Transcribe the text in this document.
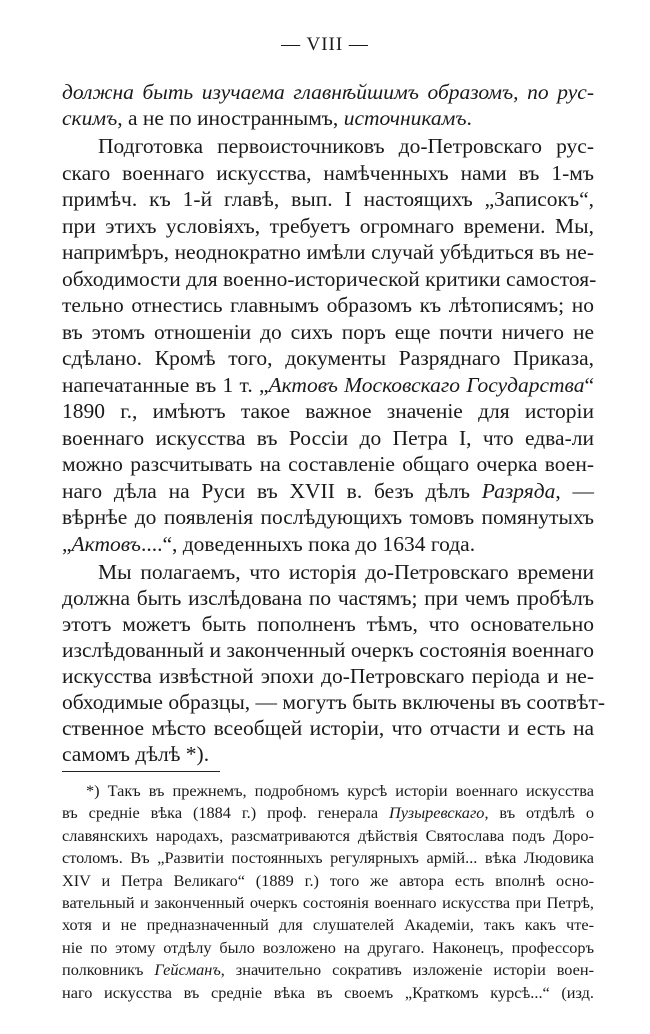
— VIII —
должна быть изучаема главнѣйшимъ образомъ, по рус-
скимъ, а не по иностраннымъ, источникамъ.
Подготовка первоисточниковъ до-Петровскаго рус-
скаго военнаго искусства, намѣченныхъ нами въ 1-мъ
примѣч. къ 1-й главѣ, вып. I настоящихъ „Записокъ“,
при этихъ условіяхъ, требуетъ огромнаго времени. Мы,
напримѣръ, неоднократно имѣли случай убѣдиться въ не-
обходимости для военно-исторической критики самостоя-
тельно отнестись главнымъ образомъ къ лѣтописямъ; но
въ этомъ отношеніи до сихъ поръ еще почти ничего не
сдѣлано. Кромѣ того, документы Разряднаго Приказа,
напечатанные въ 1 т. „Актовъ Московскаго Государства“
1890 г., имѣютъ такое важное значеніе для исторіи
военнаго искусства въ Россіи до Петра I, что едва-ли
можно разсчитывать на составленіе общаго очерка воен-
наго дѣла на Руси въ XVII в. безъ дѣлъ Разряда, —
вѣрнѣе до появленія послѣдующихъ томовъ помянутыхъ
„Актовъ....“, доведенныхъ пока до 1634 года.
Мы полагаемъ, что исторія до-Петровскаго времени
должна быть изслѣдована по частямъ; при чемъ пробѣлъ
этотъ можетъ быть пополненъ тѣмъ, что основательно
изслѣдованный и законченный очеркъ состоянія военнаго
искусства извѣстной эпохи до-Петровскаго періода и не-
обходимые образцы, — могутъ быть включены въ соотвѣт-
ственное мѣсто всеобщей исторіи, что отчасти и есть на
самомъ дѣлѣ *).
*) Такъ въ прежнемъ, подробномъ курсѣ исторіи военнаго искусства
въ средніе вѣка (1884 г.) проф. генерала Пузыревскаго, въ отдѣлѣ о
славянскихъ народахъ, разсматриваются дѣйствія Святослава подъ Доро-
столомъ. Въ „Развитіи постоянныхъ регулярныхъ армій... вѣка Людовика
XIV и Петра Великаго“ (1889 г.) того же автора есть вполнѣ осно-
вательный и законченный очеркъ состоянія военнаго искусства при Петрѣ,
хотя и не предназначенный для слушателей Академіи, такъ какъ чте-
ніе по этому отдѣлу было возложено на другаго. Наконецъ, профессоръ
полковникъ Гейсманъ, значительно сокративъ изложеніе исторіи воен-
наго искусства въ средніе вѣка въ своемъ „Краткомъ курсѣ...“ (изд.
